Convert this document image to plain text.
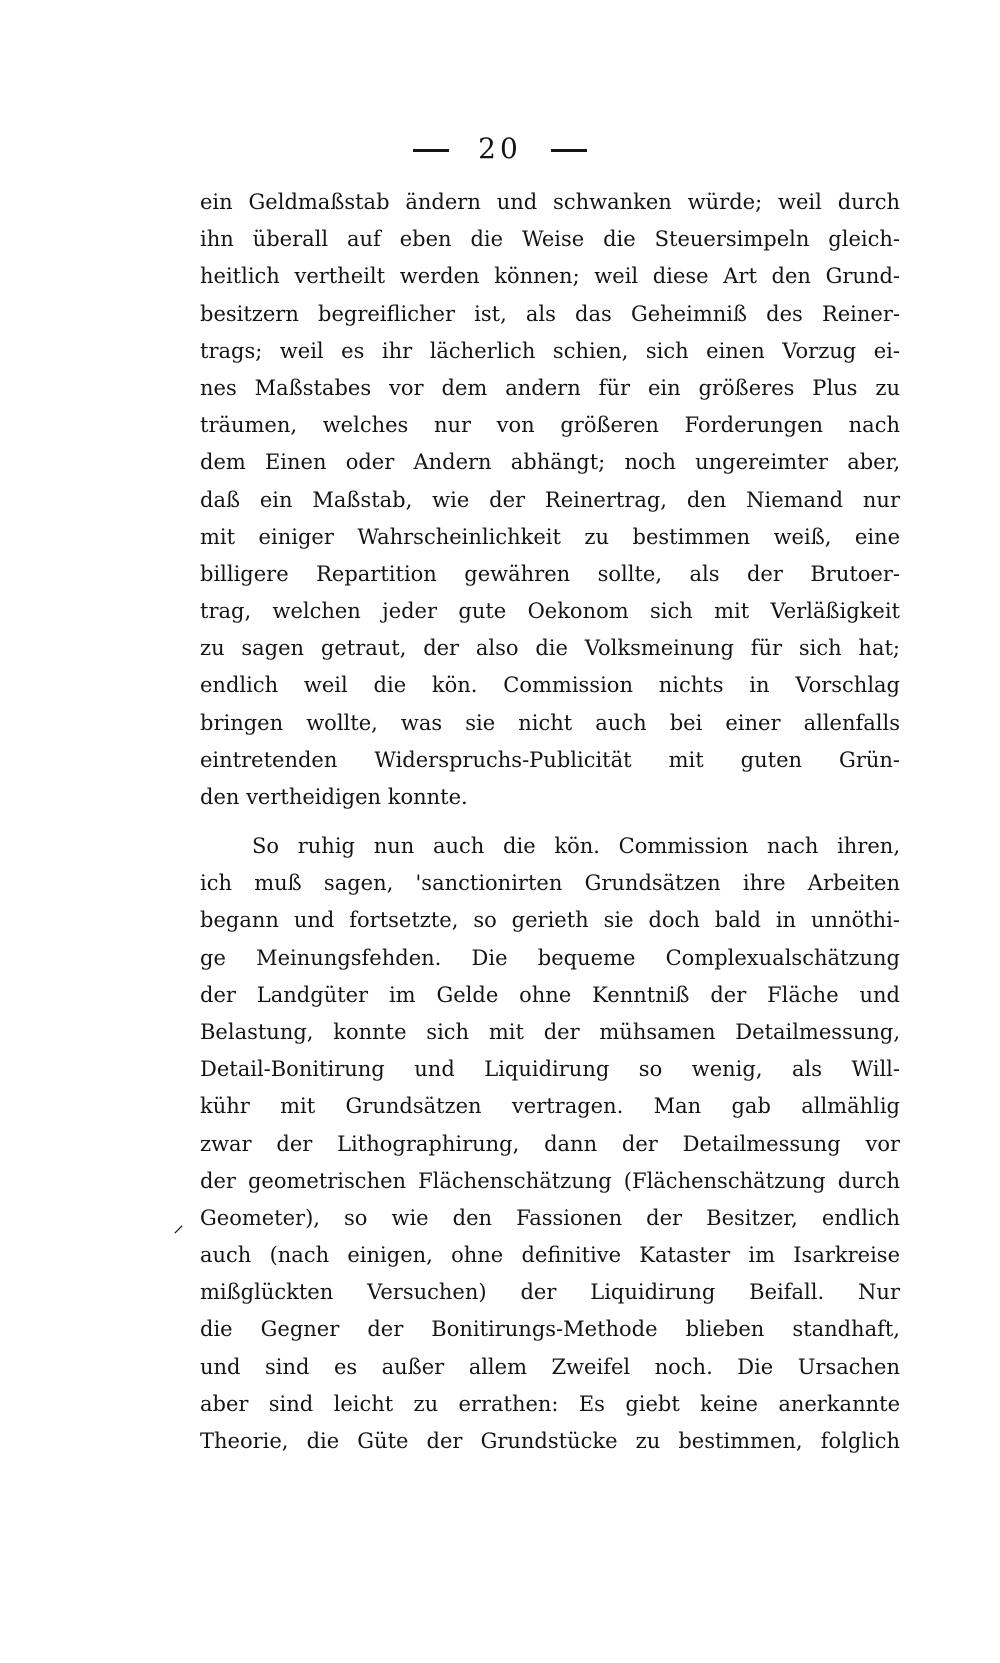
20
ein Geldmaßstab ändern und schwanken würde; weil durch
ihn überall auf eben die Weise die Steuersimpeln gleich-
heitlich vertheilt werden können; weil diese Art den Grund-
besitzern begreiflicher ist, als das Geheimniß des Reiner-
trags; weil es ihr lächerlich schien, sich einen Vorzug ei-
nes Maßstabes vor dem andern für ein größeres Plus zu
träumen, welches nur von größeren Forderungen nach
dem Einen oder Andern abhängt; noch ungereimter aber,
daß ein Maßstab, wie der Reinertrag, den Niemand nur
mit einiger Wahrscheinlichkeit zu bestimmen weiß, eine
billigere Repartition gewähren sollte, als der Brutoer-
trag, welchen jeder gute Oekonom sich mit Verläßigkeit
zu sagen getraut, der also die Volksmeinung für sich hat;
endlich weil die kön. Commission nichts in Vorschlag
bringen wollte, was sie nicht auch bei einer allenfalls
eintretenden Widerspruchs-Publicität mit guten Grün-
den vertheidigen konnte.
So ruhig nun auch die kön. Commission nach ihren,
ich muß sagen, 'sanctionirten Grundsätzen ihre Arbeiten
begann und fortsetzte, so gerieth sie doch bald in unnöthi-
ge Meinungsfehden. Die bequeme Complexualschätzung
der Landgüter im Gelde ohne Kenntniß der Fläche und
Belastung, konnte sich mit der mühsamen Detailmessung,
Detail-Bonitirung und Liquidirung so wenig, als Will-
kühr mit Grundsätzen vertragen. Man gab allmählig
zwar der Lithographirung, dann der Detailmessung vor
der geometrischen Flächenschätzung (Flächenschätzung durch
Geometer), so wie den Fassionen der Besitzer, endlich
auch (nach einigen, ohne definitive Kataster im Isarkreise
mißglückten Versuchen) der Liquidirung Beifall. Nur
die Gegner der Bonitirungs-Methode blieben standhaft,
und sind es außer allem Zweifel noch. Die Ursachen
aber sind leicht zu errathen: Es giebt keine anerkannte
Theorie, die Güte der Grundstücke zu bestimmen, folglich
⸍
